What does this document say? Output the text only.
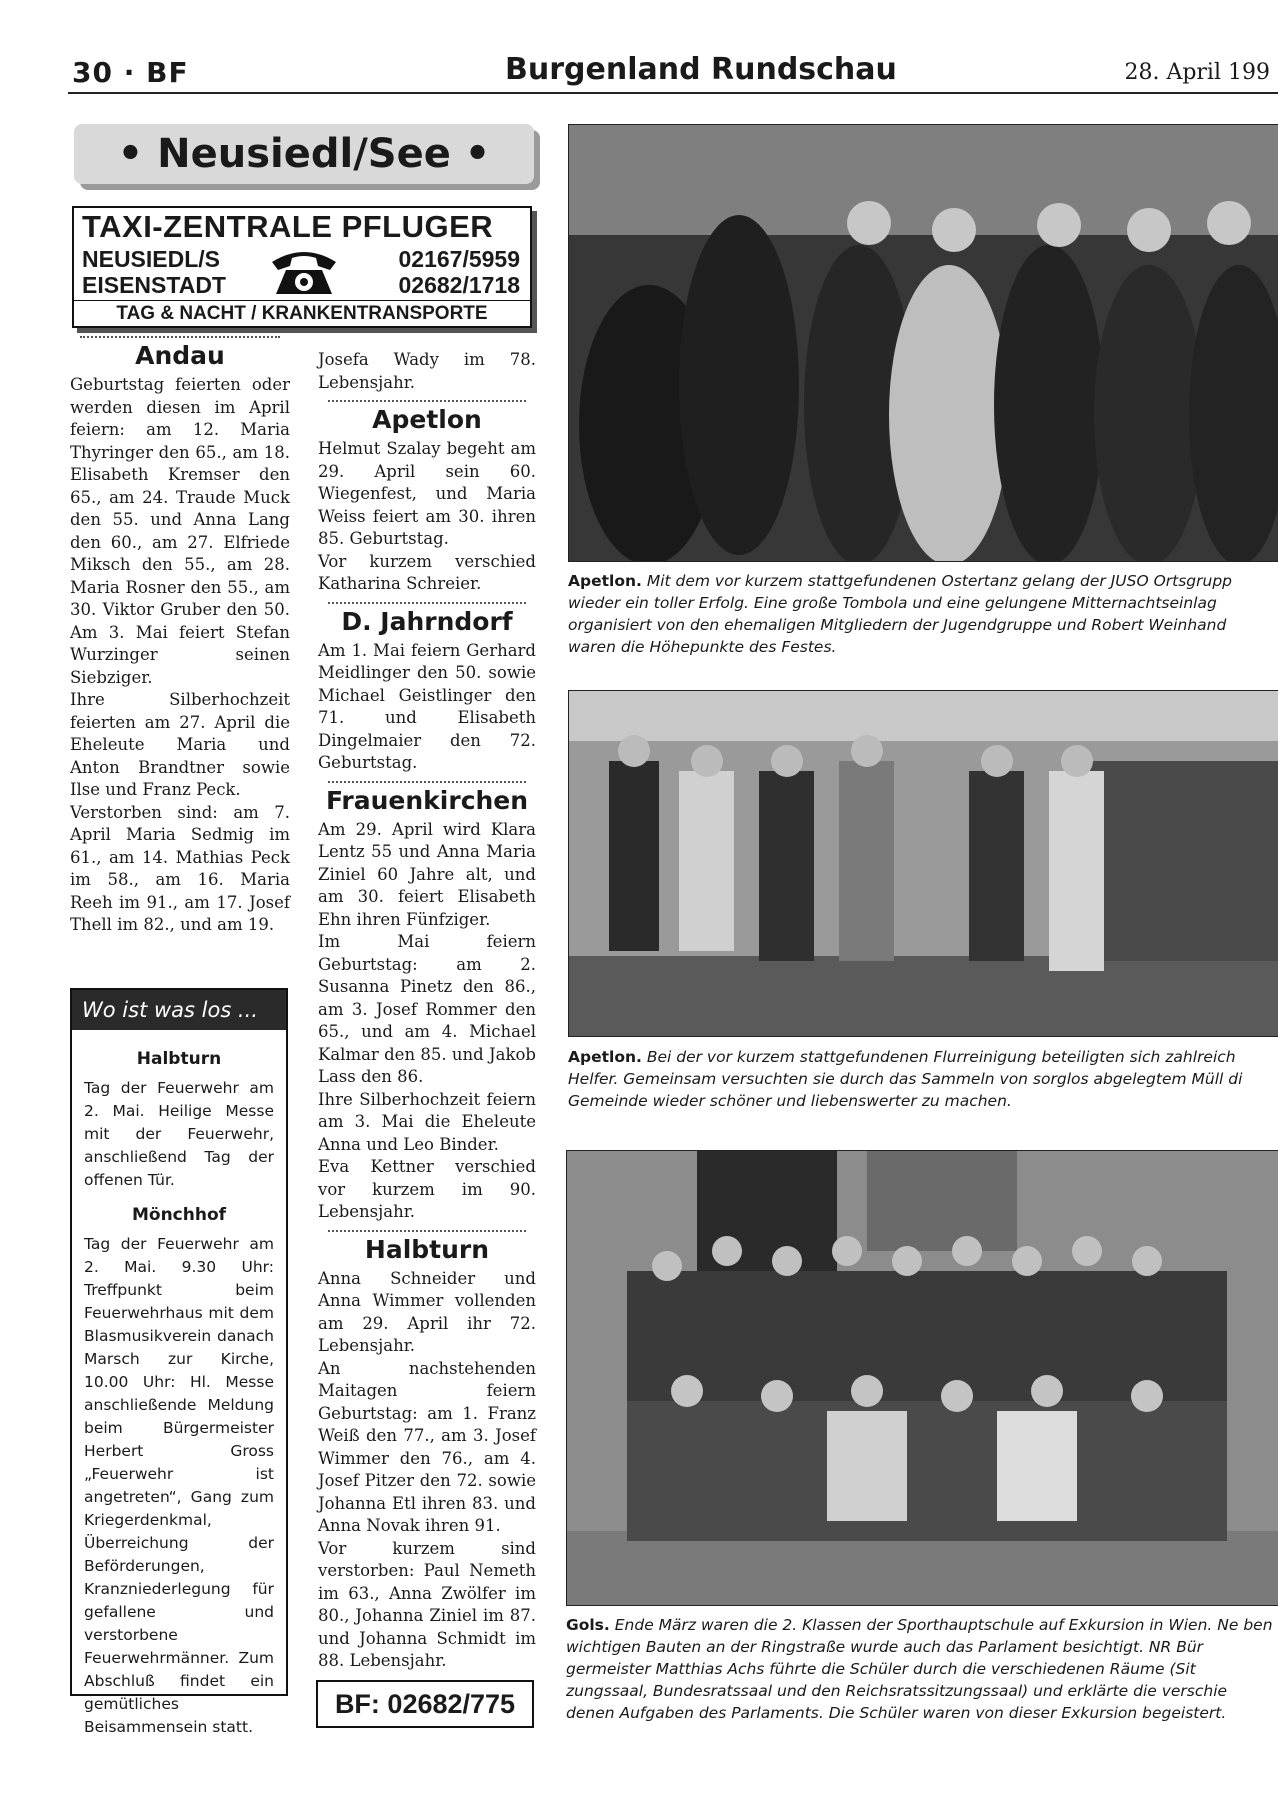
30 · BF	Burgenland Rundschau	28. April 199
• Neusiedl/See •
TAXI-ZENTRALE PFLUGER
NEUSIEDL/S
EISENSTADT
02167/5959
02682/1718
TAG & NACHT / KRANKENTRANSPORTE
Andau

Geburtstag feierten oder werden diesen im April feiern: am 12. Maria Thyringer den 65., am 18. Elisabeth Kremser den 65., am 24. Traude Muck den 55. und Anna Lang den 60., am 27. Elfriede Miksch den 55., am 28. Maria Rosner den 55., am 30. Viktor Gruber den 50. Am 3. Mai feiert Stefan Wurzinger seinen Siebziger.

Ihre Silberhochzeit feierten am 27. April die Eheleute Maria und Anton Brandtner sowie Ilse und Franz Peck.

Verstorben sind: am 7. April Maria Sedmig im 61., am 14. Mathias Peck im 58., am 16. Maria Reeh im 91., am 17. Josef Thell im 82., und am 19.

Wo ist was los ...
Halbturn

Tag der Feuerwehr am 2. Mai. Heilige Messe mit der Feuerwehr, anschließend Tag der offenen Tür.

Mönchhof

Tag der Feuerwehr am 2. Mai. 9.30 Uhr: Treffpunkt beim Feuerwehrhaus mit dem Blasmusikverein danach Marsch zur Kirche, 10.00 Uhr: Hl. Messe anschließende Meldung beim Bürgermeister Herbert Gross „Feuerwehr ist angetreten“, Gang zum Kriegerdenkmal, Überreichung der Beförderungen, Kranzniederlegung für gefallene und verstorbene Feuerwehrmänner. Zum Abschluß findet ein gemütliches Beisammensein statt.

Josefa Wady im 78. Lebensjahr.

Apetlon

Helmut Szalay begeht am 29. April sein 60. Wiegenfest, und Maria Weiss feiert am 30. ihren 85. Geburtstag.

Vor kurzem verschied Katharina Schreier.

D. Jahrndorf

Am 1. Mai feiern Gerhard Meidlinger den 50. sowie Michael Geistlinger den 71. und Elisabeth Dingelmaier den 72. Geburtstag.

Frauenkirchen

Am 29. April wird Klara Lentz 55 und Anna Maria Ziniel 60 Jahre alt, und am 30. feiert Elisabeth Ehn ihren Fünfziger.

Im Mai feiern Geburtstag: am 2. Susanna Pinetz den 86., am 3. Josef Rommer den 65., und am 4. Michael Kalmar den 85. und Jakob Lass den 86.

Ihre Silberhochzeit feiern am 3. Mai die Eheleute Anna und Leo Binder.

Eva Kettner verschied vor kurzem im 90. Lebensjahr.

Halbturn

Anna Schneider und Anna Wimmer vollenden am 29. April ihr 72. Lebensjahr.

An nachstehenden Maitagen feiern Geburtstag: am 1. Franz Weiß den 77., am 3. Josef Wimmer den 76., am 4. Josef Pitzer den 72. sowie Johanna Etl ihren 83. und Anna Novak ihren 91.

Vor kurzem sind verstorben: Paul Nemeth im 63., Anna Zwölfer im 80., Johanna Ziniel im 87. und Johanna Schmidt im 88. Lebensjahr.

BF: 02682/775
Apetlon. Mit dem vor kurzem stattgefundenen Ostertanz gelang der JUSO Ortsgrupp wieder ein toller Erfolg. Eine große Tombola und eine gelungene Mitternachtseinlag organisiert von den ehemaligen Mitgliedern der Jugendgruppe und Robert Weinhand waren die Höhepunkte des Festes.
Apetlon. Bei der vor kurzem stattgefundenen Flurreinigung beteiligten sich zahlreich Helfer. Gemeinsam versuchten sie durch das Sammeln von sorglos abgelegtem Müll di Gemeinde wieder schöner und liebenswerter zu machen.
Gols. Ende März waren die 2. Klassen der Sporthauptschule auf Exkursion in Wien. Ne ben wichtigen Bauten an der Ringstraße wurde auch das Parlament besichtigt. NR Bür germeister Matthias Achs führte die Schüler durch die verschiedenen Räume (Sit zungssaal, Bundesratssaal und den Reichsratssitzungssaal) und erklärte die verschie denen Aufgaben des Parlaments. Die Schüler waren von dieser Exkursion begeistert.
